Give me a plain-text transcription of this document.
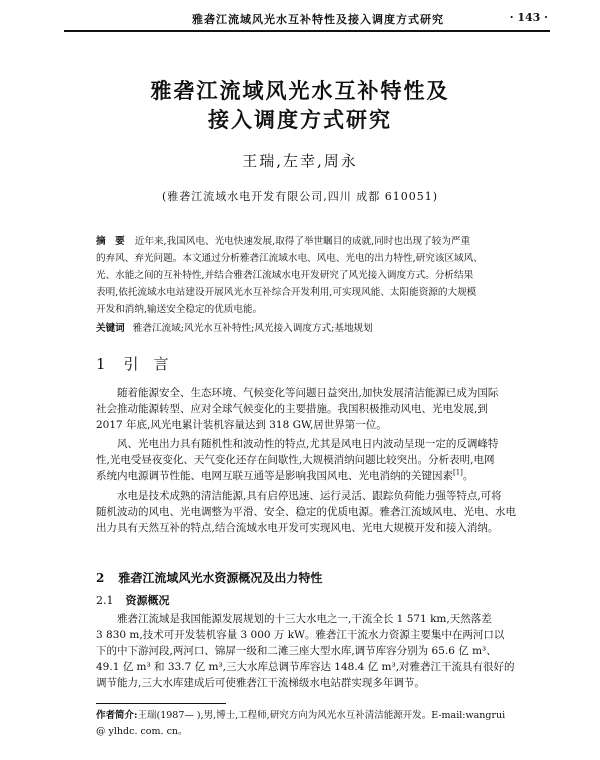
雅砻江流域风光水互补特性及接入调度方式研究	· 143 ·
雅砻江流域风光水互补特性及
接入调度方式研究
王瑞,左幸,周永
(雅砻江流域水电开发有限公司,四川 成都 610051)
摘　要 近年来,我国风电、光电快速发展,取得了举世瞩目的成就,同时也出现了较为严重
的弃风、弃光问题。本文通过分析雅砻江流域水电、风电、光电的出力特性,研究该区域风、
光、水能之间的互补特性,并结合雅砻江流域水电开发研究了风光接入调度方式。分析结果
表明,依托流域水电站建设开展风光水互补综合开发利用,可实现风能、太阳能资源的大规模
开发和消纳,输送安全稳定的优质电能。
关键词 雅砻江流域;风光水互补特性;风光接入调度方式;基地规划
1 引　言
随着能源安全、生态环境、气候变化等问题日益突出,加快发展清洁能源已成为国际
社会推动能源转型、应对全球气候变化的主要措施。我国积极推动风电、光电发展,到
2017 年底,风光电累计装机容量达到 318 GW,居世界第一位。
风、光电出力具有随机性和波动性的特点,尤其是风电日内波动呈现一定的反调峰特
性,光电受昼夜变化、天气变化还存在间歇性,大规模消纳问题比较突出。分析表明,电网
系统内电源调节性能、电网互联互通等是影响我国风电、光电消纳的关键因素[1]。
水电是技术成熟的清洁能源,具有启停迅速、运行灵活、跟踪负荷能力强等特点,可将
随机波动的风电、光电调整为平滑、安全、稳定的优质电源。雅砻江流域风电、光电、水电
出力具有天然互补的特点,结合流域水电开发可实现风电、光电大规模开发和接入消纳。
2 雅砻江流域风光水资源概况及出力特性
2.1 资源概况
雅砻江流域是我国能源发展规划的十三大水电之一,干流全长 1 571 km,天然落差
3 830 m,技术可开发装机容量 3 000 万 kW。雅砻江干流水力资源主要集中在两河口以
下的中下游河段,两河口、锦屏一级和二滩三座大型水库,调节库容分别为 65.6 亿 m³、
49.1 亿 m³ 和 33.7 亿 m³,三大水库总调节库容达 148.4 亿 m³,对雅砻江干流具有很好的
调节能力,三大水库建成后可使雅砻江干流梯级水电站群实现多年调节。
作者简介:王瑞(1987— ),男,博士,工程师,研究方向为风光水互补清洁能源开发。E-mail:wangrui
@ ylhdc. com. cn。
